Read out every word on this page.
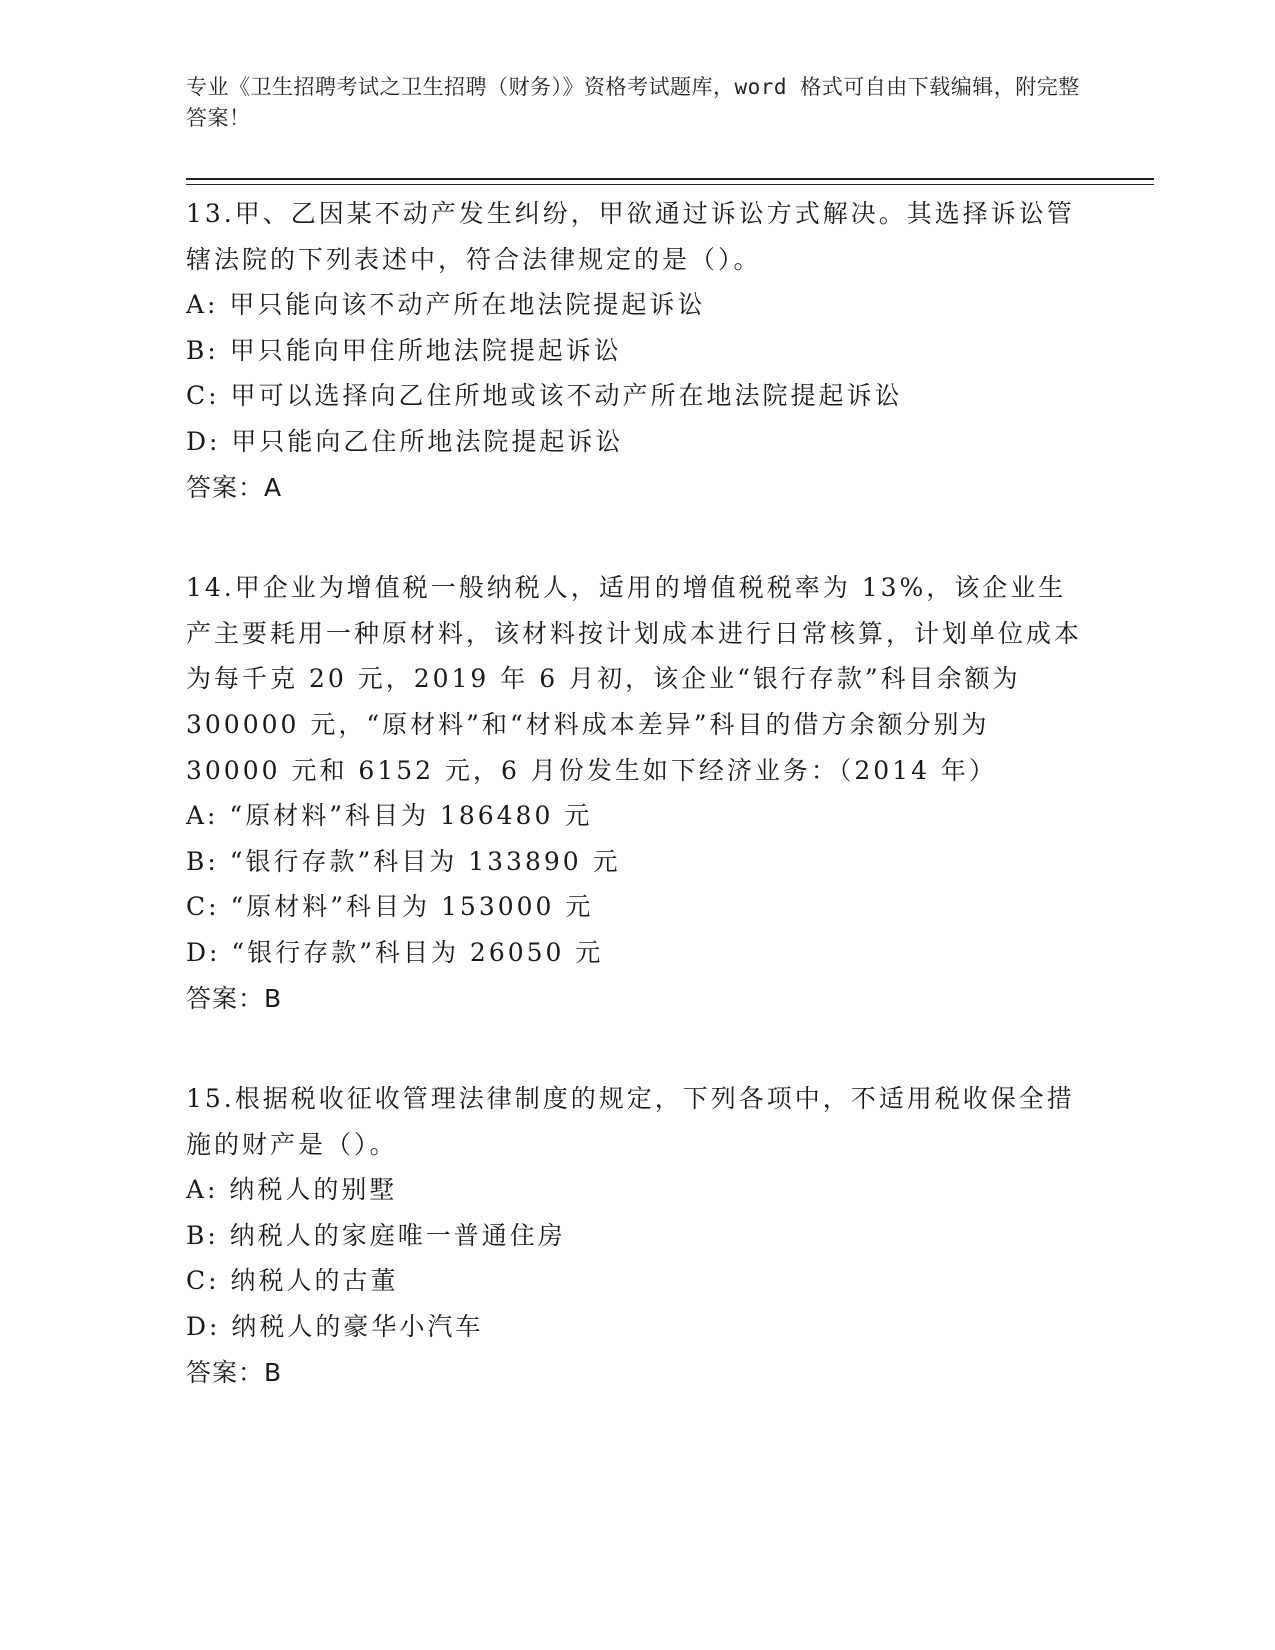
专业《卫生招聘考试之卫生招聘（财务）》资格考试题库，word 格式可自由下载编辑，附完整答案！
13.甲、乙因某不动产发生纠纷，甲欲通过诉讼方式解决。其选择诉讼管辖法院的下列表述中，符合法律规定的是（）。
A: 甲只能向该不动产所在地法院提起诉讼
B: 甲只能向甲住所地法院提起诉讼
C: 甲可以选择向乙住所地或该不动产所在地法院提起诉讼
D: 甲只能向乙住所地法院提起诉讼
答案：A
14.甲企业为增值税一般纳税人，适用的增值税税率为 13%，该企业生产主要耗用一种原材料，该材料按计划成本进行日常核算，计划单位成本为每千克 20 元，2019 年 6 月初，该企业“银行存款”科目余额为 300000 元，“原材料”和“材料成本差异”科目的借方余额分别为 30000 元和 6152 元，6 月份发生如下经济业务：（2014 年）
A: “原材料”科目为 186480 元
B: “银行存款”科目为 133890 元
C: “原材料”科目为 153000 元
D: “银行存款”科目为 26050 元
答案：B
15.根据税收征收管理法律制度的规定，下列各项中，不适用税收保全措施的财产是（）。
A: 纳税人的别墅
B: 纳税人的家庭唯一普通住房
C: 纳税人的古董
D: 纳税人的豪华小汽车
答案：B
